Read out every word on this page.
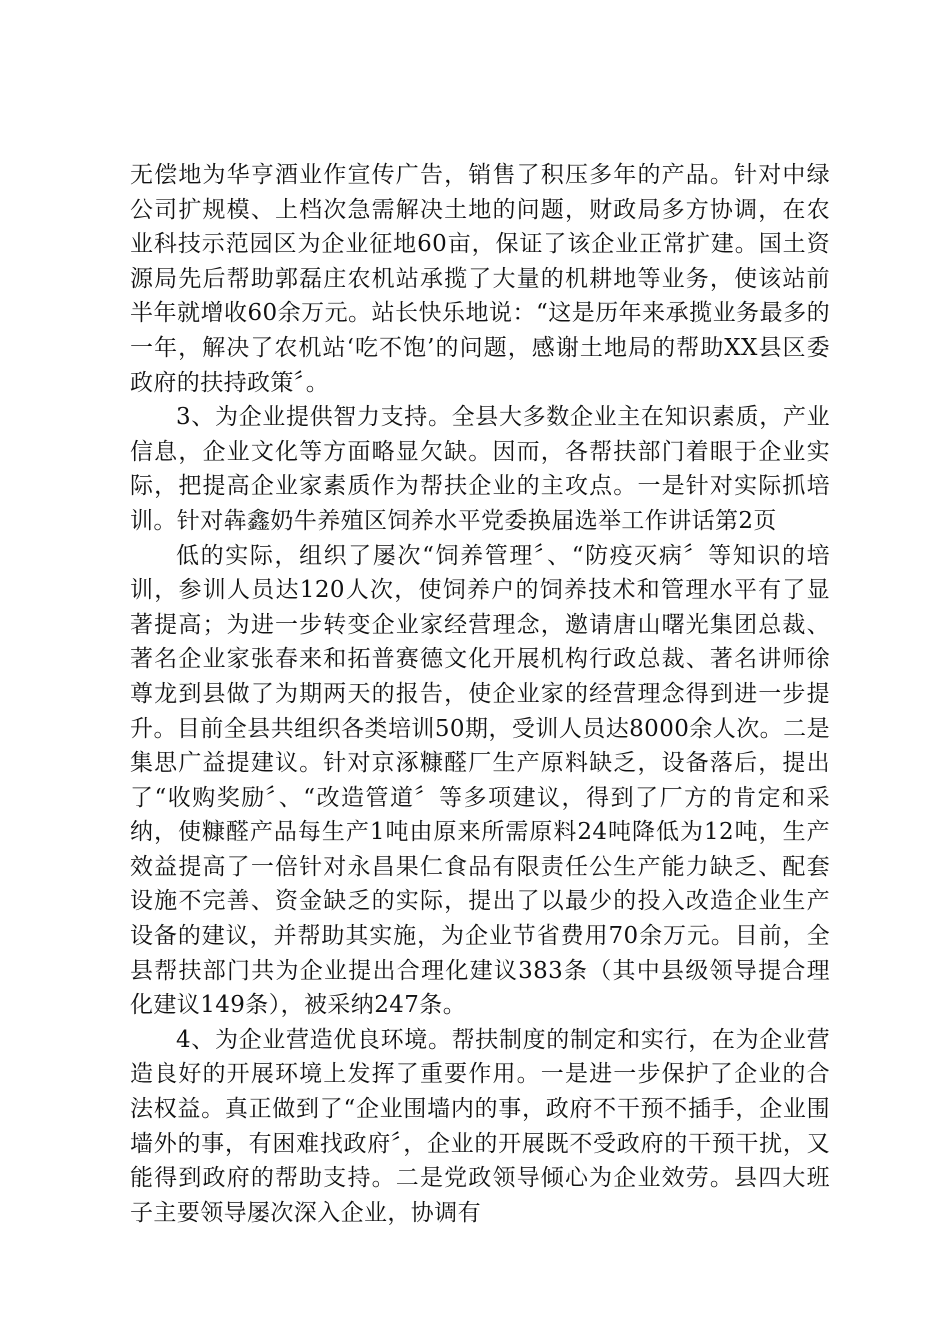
无偿地为华亨酒业作宣传广告，销售了积压多年的产品。针对中绿公司扩规模、上档次急需解决土地的问题，财政局多方协调，在农业科技示范园区为企业征地60亩，保证了该企业正常扩建。国土资源局先后帮助郭磊庄农机站承揽了大量的机耕地等业务，使该站前半年就增收60余万元。站长快乐地说：“这是历年来承揽业务最多的一年，解决了农机站‘吃不饱’的问题，感谢土地局的帮助XX县区委政府的扶持政策〞。

3、为企业提供智力支持。全县大多数企业主在知识素质，产业信息，企业文化等方面略显欠缺。因而，各帮扶部门着眼于企业实际，把提高企业家素质作为帮扶企业的主攻点。一是针对实际抓培训。针对犇鑫奶牛养殖区饲养水平党委换届选举工作讲话第2页

低的实际，组织了屡次“饲养管理〞、“防疫灭病〞等知识的培训，参训人员达120人次，使饲养户的饲养技术和管理水平有了显著提高；为进一步转变企业家经营理念，邀请唐山曙光集团总裁、著名企业家张春来和拓普赛德文化开展机构行政总裁、著名讲师徐尊龙到县做了为期两天的报告，使企业家的经营理念得到进一步提升。目前全县共组织各类培训50期，受训人员达8000余人次。二是集思广益提建议。针对京涿糠醛厂生产原料缺乏，设备落后，提出了“收购奖励〞、“改造管道〞等多项建议，得到了厂方的肯定和采纳，使糠醛产品每生产1吨由原来所需原料24吨降低为12吨，生产效益提高了一倍针对永昌果仁食品有限责任公生产能力缺乏、配套设施不完善、资金缺乏的实际，提出了以最少的投入改造企业生产设备的建议，并帮助其实施，为企业节省费用70余万元。目前，全县帮扶部门共为企业提出合理化建议383条（其中县级领导提合理化建议149条），被采纳247条。

4、为企业营造优良环境。帮扶制度的制定和实行，在为企业营造良好的开展环境上发挥了重要作用。一是进一步保护了企业的合法权益。真正做到了“企业围墙内的事，政府不干预不插手，企业围墙外的事，有困难找政府〞，企业的开展既不受政府的干预干扰，又能得到政府的帮助支持。二是党政领导倾心为企业效劳。县四大班子主要领导屡次深入企业，协调有
